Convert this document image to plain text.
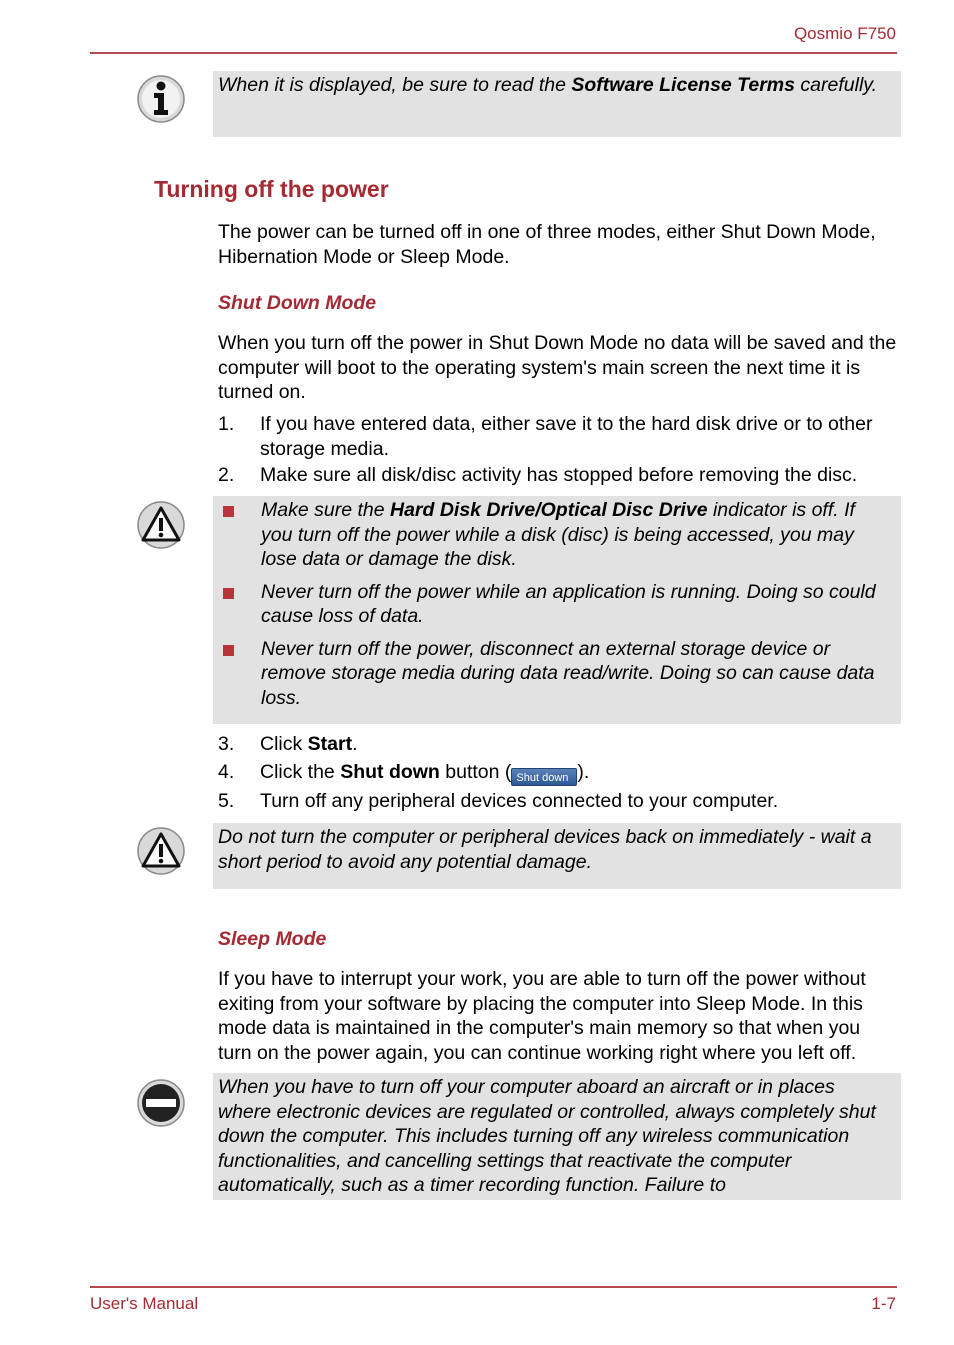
Qosmio F750
When it is displayed, be sure to read the Software License Terms carefully.
Turning off the power
The power can be turned off in one of three modes, either Shut Down Mode, Hibernation Mode or Sleep Mode.
Shut Down Mode
When you turn off the power in Shut Down Mode no data will be saved and the computer will boot to the operating system's main screen the next time it is turned on.
1.	If you have entered data, either save it to the hard disk drive or to other storage media.
2.	Make sure all disk/disc activity has stopped before removing the disc.
Make sure the Hard Disk Drive/Optical Disc Drive indicator is off. If you turn off the power while a disk (disc) is being accessed, you may lose data or damage the disk.
Never turn off the power while an application is running. Doing so could cause loss of data.
Never turn off the power, disconnect an external storage device or remove storage media during data read/write. Doing so can cause data loss.
3.	Click Start.
4.	Click the Shut down button ( Shut down ).
5.	Turn off any peripheral devices connected to your computer.
Do not turn the computer or peripheral devices back on immediately - wait a short period to avoid any potential damage.
Sleep Mode
If you have to interrupt your work, you are able to turn off the power without exiting from your software by placing the computer into Sleep Mode. In this mode data is maintained in the computer's main memory so that when you turn on the power again, you can continue working right where you left off.
When you have to turn off your computer aboard an aircraft or in places where electronic devices are regulated or controlled, always completely shut down the computer. This includes turning off any wireless communication functionalities, and cancelling settings that reactivate the computer automatically, such as a timer recording function. Failure to
User's Manual	1-7
